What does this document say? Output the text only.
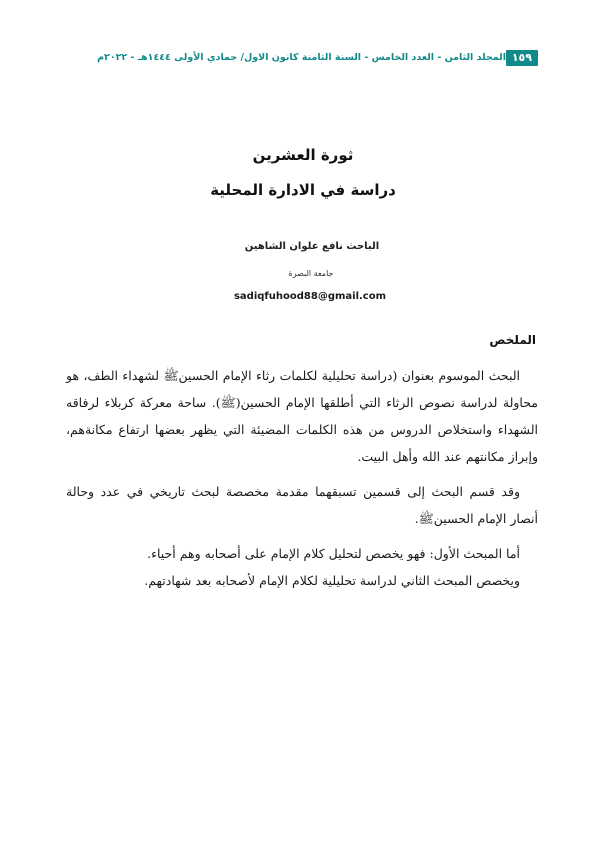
١٥٩
المجلد الثامن - العدد الخامس - السنة الثامنة كانون الاول/ جمادي الأولى ١٤٤٤هـ - ٢٠٢٢م
ثورة العشرين
دراسة في الادارة المحلية
الباحث نافع علوان الشاهين
جامعة البصرة
sadiqfuhood88@gmail.com
الملخص

البحث الموسوم بعنوان (دراسة تحليلية لكلمات رثاء الإمام الحسينﷺ لشهداء الطف، هو محاولة لدراسة نصوص الرثاء التي أطلقها الإمام الحسين(ﷺ). ساحة معركة كربلاء لرفاقه الشهداء واستخلاص الدروس من هذه الكلمات المضيئة التي يظهر بعضها ارتفاع مكانةهم، وإبراز مكانتهم عند الله وأهل البيت.

وقد قسم البحث إلى قسمين تسبقهما مقدمة مخصصة لبحث تاريخي في عدد وحالة أنصار الإمام الحسينﷺ.

أما المبحث الأول: فهو يخصص لتحليل كلام الإمام على أصحابه وهم أحياء.

ويخصص المبحث الثاني لدراسة تحليلية لكلام الإمام لأصحابه بعد شهادتهم.
